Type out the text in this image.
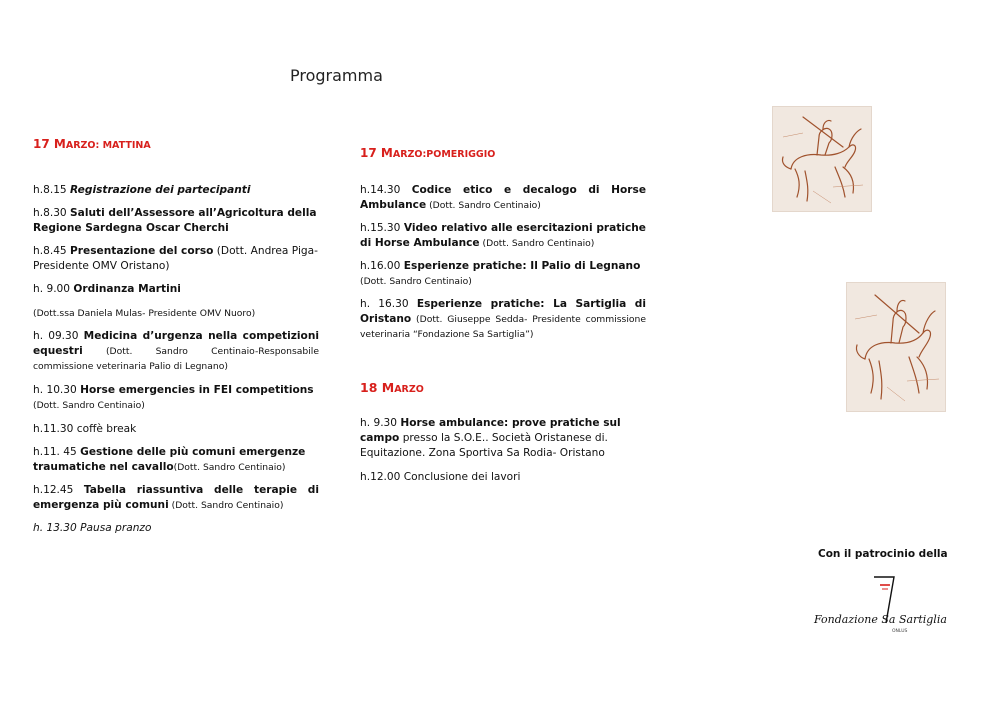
Programma
17 MARZO: MATTINA

h.8.15 Registrazione dei partecipanti

h.8.30 Saluti dell’Assessore all’Agricoltura della Regione Sardegna Oscar Cherchi

h.8.45 Presentazione del corso (Dott. Andrea Piga- Presidente OMV Oristano)

h. 9.00 Ordinanza Martini

(Dott.ssa Daniela Mulas- Presidente OMV Nuoro)

h. 09.30 Medicina d’urgenza nella competizioni equestri (Dott. Sandro Centinaio-Responsabile commissione veterinaria Palio di Legnano)

h. 10.30 Horse emergencies in FEI competitions (Dott. Sandro Centinaio)

h.11.30 coffè break

h.11. 45 Gestione delle più comuni emergenze traumatiche nel cavallo(Dott. Sandro Centinaio)

h.12.45 Tabella riassuntiva delle terapie di emergenza più comuni (Dott. Sandro Centinaio)

h. 13.30 Pausa pranzo

17 MARZO:POMERIGGIO

h.14.30 Codice etico e decalogo di Horse Ambulance (Dott. Sandro Centinaio)

h.15.30 Video relativo alle esercitazioni pratiche di Horse Ambulance (Dott. Sandro Centinaio)

h.16.00 Esperienze pratiche: Il Palio di Legnano (Dott. Sandro Centinaio)

h. 16.30 Esperienze pratiche: La Sartiglia di Oristano (Dott. Giuseppe Sedda- Presidente commissione veterinaria “Fondazione Sa Sartiglia”)

18 MARZO

h. 9.30 Horse ambulance: prove pratiche sul campo presso la S.O.E.. Società Oristanese di. Equitazione. Zona Sportiva Sa Rodia- Oristano

h.12.00 Conclusione dei lavori

Con il patrocinio della
Fondazione Sa Sartiglia
ONLUS
